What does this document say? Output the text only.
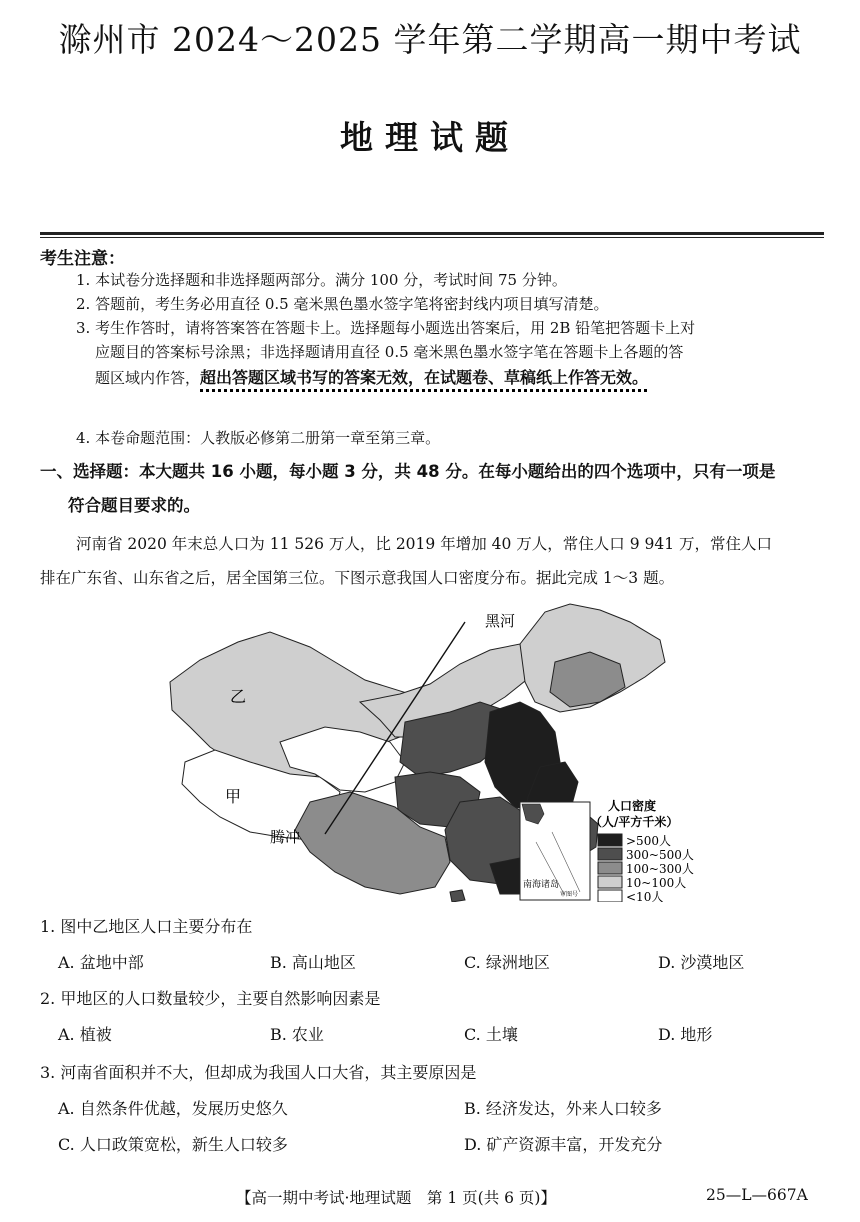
滁州市 2024～2025 学年第二学期高一期中考试
地理试题
考生注意：
1. 本试卷分选择题和非选择题两部分。满分 100 分，考试时间 75 分钟。
2. 答题前，考生务必用直径 0.5 毫米黑色墨水签字笔将密封线内项目填写清楚。
3. 考生作答时，请将答案答在答题卡上。选择题每小题选出答案后，用 2B 铅笔把答题卡上对
应题目的答案标号涂黑；非选择题请用直径 0.5 毫米黑色墨水签字笔在答题卡上各题的答
题区域内作答，超出答题区域书写的答案无效，在试题卷、草稿纸上作答无效。
4. 本卷命题范围：人教版必修第二册第一章至第三章。
一、选择题：本大题共 16 小题，每小题 3 分，共 48 分。在每小题给出的四个选项中，只有一项是
符合题目要求的。
河南省 2020 年末总人口为 11 526 万人，比 2019 年增加 40 万人，常住人口 9 941 万，常住人口
排在广东省、山东省之后，居全国第三位。下图示意我国人口密度分布。据此完成 1～3 题。
黑河
腾冲
乙
甲
南海诸岛
审图号
人口密度
（人/平方千米）
>500人
300~500人
100~300人
10~100人
<10人
1. 图中乙地区人口主要分布在
A. 盆地中部	B. 高山地区	C. 绿洲地区	D. 沙漠地区
2. 甲地区的人口数量较少，主要自然影响因素是
A. 植被	B. 农业	C. 土壤	D. 地形
3. 河南省面积并不大，但却成为我国人口大省，其主要原因是
A. 自然条件优越，发展历史悠久	B. 经济发达，外来人口较多
C. 人口政策宽松，新生人口较多	D. 矿产资源丰富，开发充分
【高一期中考试·地理试题　第 1 页(共 6 页)】	25—L—667A
